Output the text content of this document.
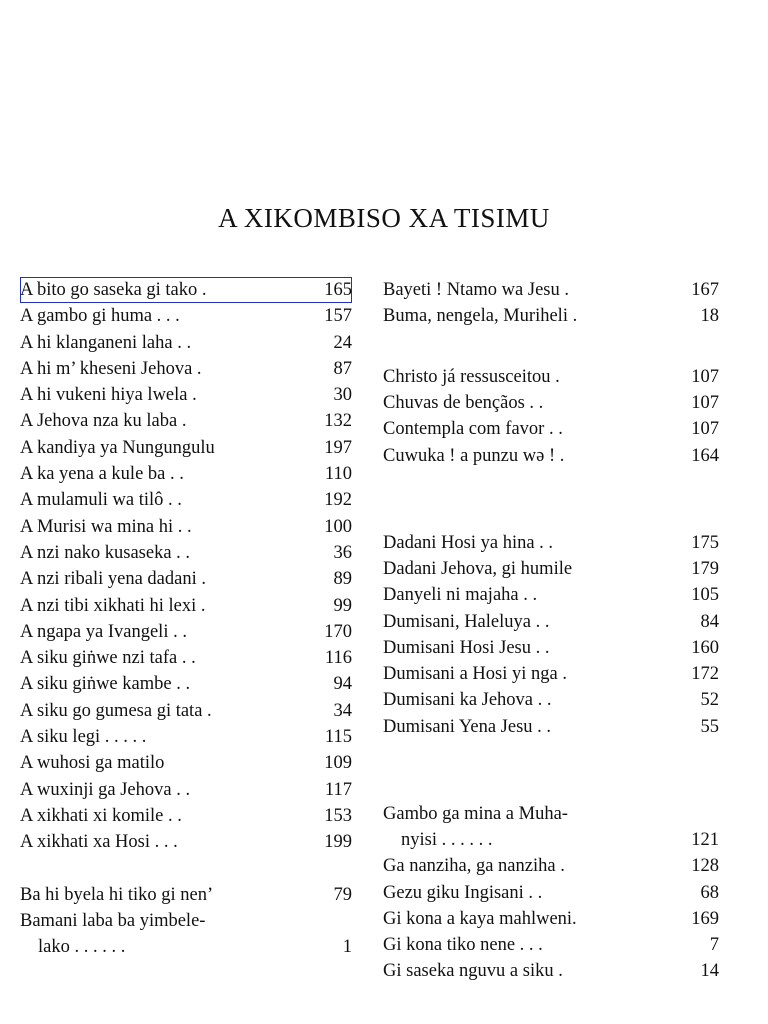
A XIKOMBISO XA TISIMU
A bito go saseka gi tako .	165
A gambo gi huma . . .	157
A hi klanganeni laha . .	24
A hi m’ kheseni Jehova .	87
A hi vukeni hiya lwela .	30
A Jehova nza ku laba .	132
A kandiya ya Nungungulu	197
A ka yena a kule ba . .	110
A mulamuli wa tilô . .	192
A Murisi wa mina hi . .	100
A nzi nako kusaseka . .	36
A nzi ribali yena dadani .	89
A nzi tibi xikhati hi lexi .	99
A ngapa ya Ivangeli . .	170
A siku giṅwe nzi tafa . .	116
A siku giṅwe kambe . .	94
A siku go gumesa gi tata .	34
A siku legi . . . . .	115
A wuhosi ga matilo	109
A wuxinji ga Jehova . .	117
A xikhati xi komile . .	153
A xikhati xa Hosi . . .	199
Ba hi byela hi tiko gi nen’	79
Bamani laba ba yimbele-
lako . . . . . .	1
Bayeti ! Ntamo wa Jesu .	167
Buma, nengela, Muriheli .	18
Christo já ressusceitou .	107
Chuvas de bençãos . .	107
Contempla com favor . .	107
Cuwuka ! a punzu wə ! .	164
Dadani Hosi ya hina . .	175
Dadani Jehova, gi humile	179
Danyeli ni majaha . .	105
Dumisani, Haleluya . .	84
Dumisani Hosi Jesu . .	160
Dumisani a Hosi yi nga .	172
Dumisani ka Jehova . .	52
Dumisani Yena Jesu . .	55
Gambo ga mina a Muha-
nyisi . . . . . .	121
Ga nanziha, ga nanziha .	128
Gezu giku Ingisani . .	68
Gi kona a kaya mahlweni.	169
Gi kona tiko nene . . .	7
Gi saseka nguvu a siku .	14
